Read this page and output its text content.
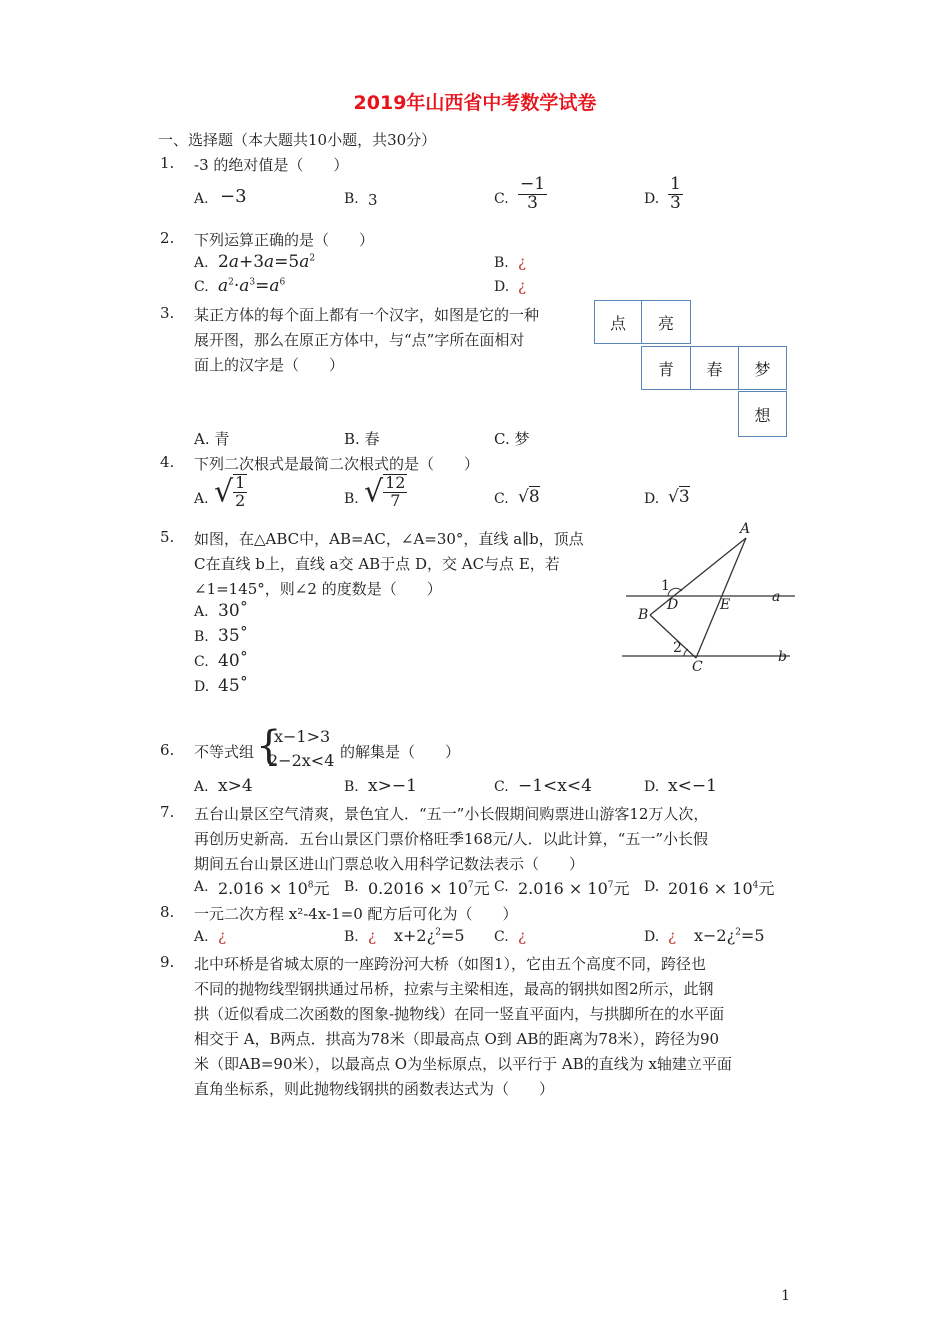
2019年山西省中考数学试卷
一、选择题（本大题共10小题，共30分）
1.	-3 的绝对值是（　　）
A. −3	B. 3	C. $\frac{-1}{3}$	D. $\frac{1}{3}$
2.	下列运算正确的是（　　）
A. $2a+3a=5a^2$	B. ¿
C. $a^2\cdot a^3=a^6$	D. ¿
3.	某正方体的每个面上都有一个汉字，如图是它的一种
展开图，那么在原正方体中，与“点”字所在面相对
面上的汉字是（　　）
A. 青	B. 春	C. 梦
点	亮
青	春	梦
想
4.	下列二次根式是最简二次根式的是（　　）
A. √ $\frac{1}{2}$	B. √ $\frac{12}{7}$	C. √8	D. √3
5.	如图，在△ABC中，AB=AC，∠A=30°，直线 a∥b，顶点
C在直线 b上，直线 a交 AB于点 D，交 AC与点 E，若
∠1=145°，则∠2 的度数是（　　）
A. 30˚
B. 35˚
C. 40˚
D. 45˚
A
D	E	a
B
1
2
C
b
6.	不等式组 {
x−1>3
2−2x<4 的解集是（　　）
A. x>4	B. x>−1	C. −1<x<4	D. x<−1
7.	五台山景区空气清爽，景色宜人．“五一”小长假期间购票进山游客12万人次，
再创历史新高．五台山景区门票价格旺季168元/人．以此计算，“五一”小长假
期间五台山景区进山门票总收入用科学记数法表示（　　）
A. $2.016 \times 10^8$元 B. $0.2016 \times 10^7$元 C. $2.016 \times 10^7$元 D. $2016 \times 10^4$元
8.	一元二次方程 x²-4x-1=0 配方后可化为（　　）
A. ¿	B. ¿ x+2¿$^2$=5 C. ¿	D. ¿ x−2¿$^2$=5
9.	北中环桥是省城太原的一座跨汾河大桥（如图1），它由五个高度不同，跨径也
不同的抛物线型钢拱通过吊桥，拉索与主梁相连，最高的钢拱如图2所示，此钢
拱（近似看成二次函数的图象-抛物线）在同一竖直平面内，与拱脚所在的水平面
相交于 A，B两点．拱高为78米（即最高点 O到 AB的距离为78米），跨径为90
米（即AB=90米），以最高点 O为坐标原点，以平行于 AB的直线为 x轴建立平面
直角坐标系，则此抛物线钢拱的函数表达式为（　　）
1
